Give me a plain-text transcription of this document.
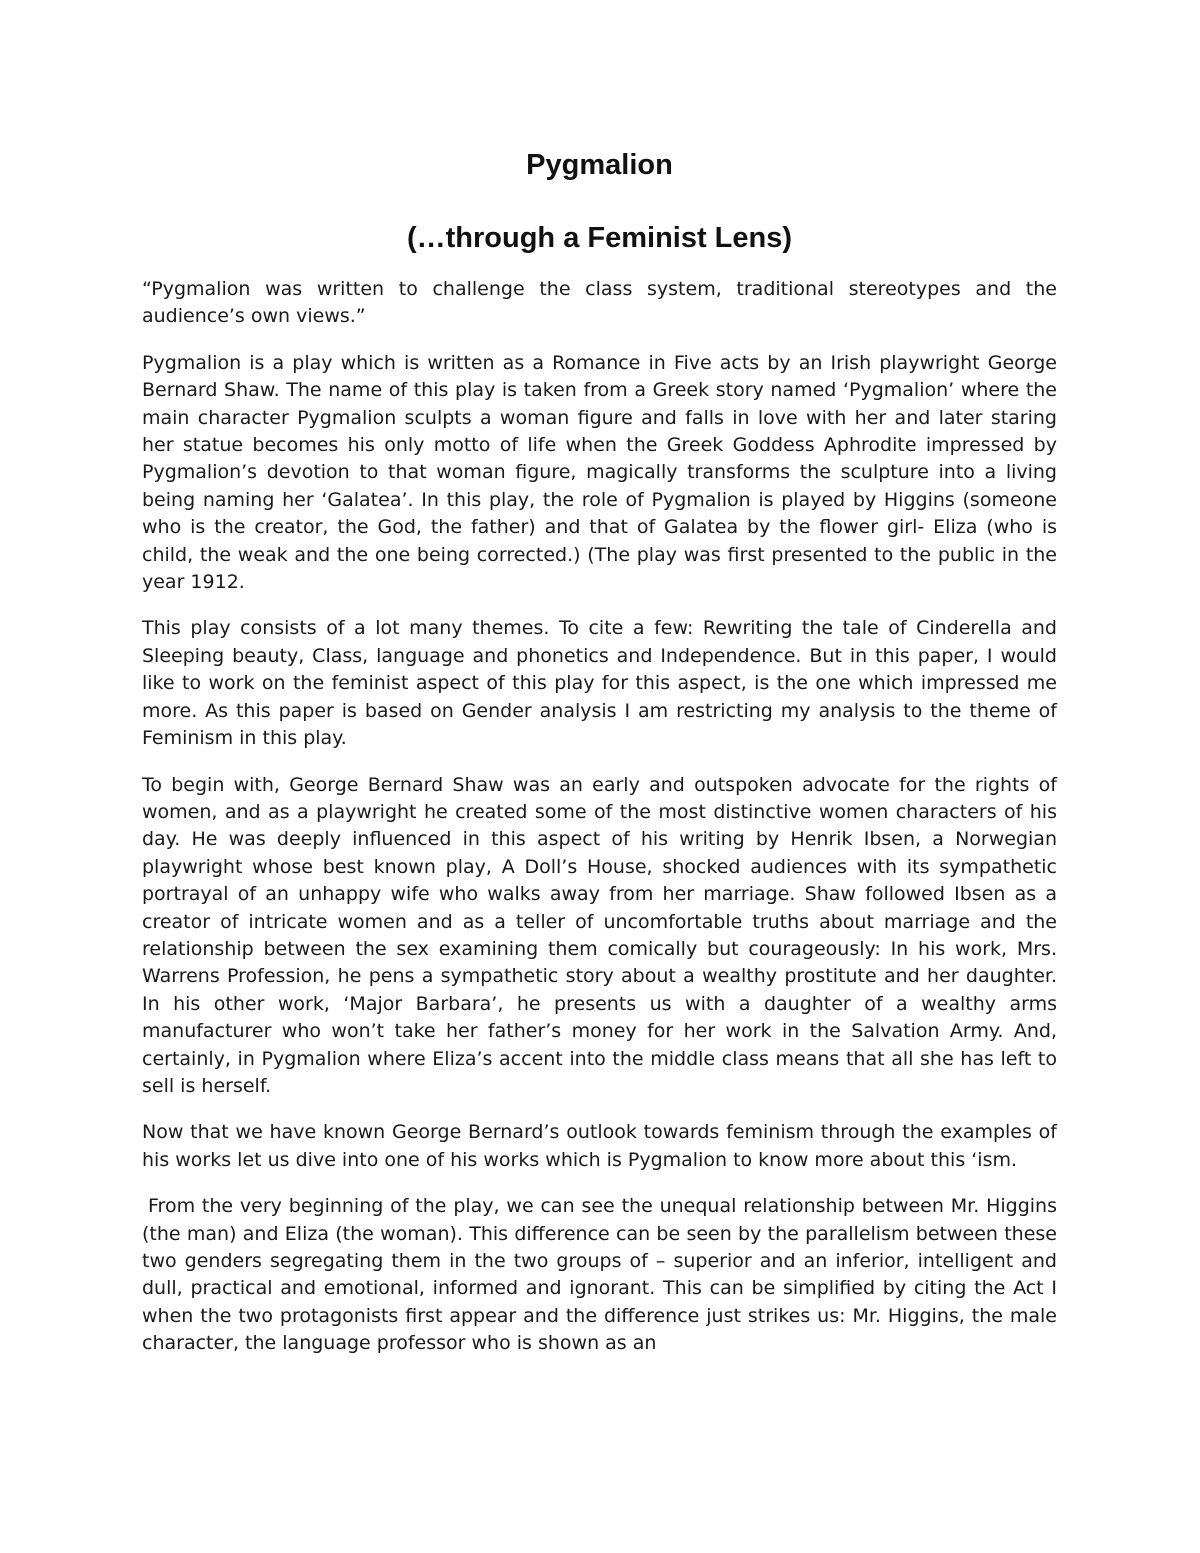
Pygmalion
(…through a Feminist Lens)

“Pygmalion was written to challenge the class system, traditional stereotypes and the audience’s own views.”

Pygmalion is a play which is written as a Romance in Five acts by an Irish playwright George Bernard Shaw. The name of this play is taken from a Greek story named ‘Pygmalion’ where the main character Pygmalion sculpts a woman figure and falls in love with her and later staring her statue becomes his only motto of life when the Greek Goddess Aphrodite impressed by Pygmalion’s devotion to that woman figure, magically transforms the sculpture into a living being naming her ‘Galatea’. In this play, the role of Pygmalion is played by Higgins (someone who is the creator, the God, the father) and that of Galatea by the flower girl- Eliza (who is child, the weak and the one being corrected.) (The play was first presented to the public in the year 1912.

This play consists of a lot many themes. To cite a few: Rewriting the tale of Cinderella and Sleeping beauty, Class, language and phonetics and Independence. But in this paper, I would like to work on the feminist aspect of this play for this aspect, is the one which impressed me more. As this paper is based on Gender analysis I am restricting my analysis to the theme of Feminism in this play.

To begin with, George Bernard Shaw was an early and outspoken advocate for the rights of women, and as a playwright he created some of the most distinctive women characters of his day. He was deeply influenced in this aspect of his writing by Henrik Ibsen, a Norwegian playwright whose best known play, A Doll’s House, shocked audiences with its sympathetic portrayal of an unhappy wife who walks away from her marriage. Shaw followed Ibsen as a creator of intricate women and as a teller of uncomfortable truths about marriage and the relationship between the sex examining them comically but courageously: In his work, Mrs. Warrens Profession, he pens a sympathetic story about a wealthy prostitute and her daughter. In his other work, ‘Major Barbara’, he presents us with a daughter of a wealthy arms manufacturer who won’t take her father’s money for her work in the Salvation Army. And, certainly, in Pygmalion where Eliza’s accent into the middle class means that all she has left to sell is herself.

Now that we have known George Bernard’s outlook towards feminism through the examples of his works let us dive into one of his works which is Pygmalion to know more about this ‘ism.

From the very beginning of the play, we can see the unequal relationship between Mr. Higgins (the man) and Eliza (the woman). This difference can be seen by the parallelism between these two genders segregating them in the two groups of – superior and an inferior, intelligent and dull, practical and emotional, informed and ignorant. This can be simplified by citing the Act I when the two protagonists first appear and the difference just strikes us: Mr. Higgins, the male character, the language professor who is shown as an
